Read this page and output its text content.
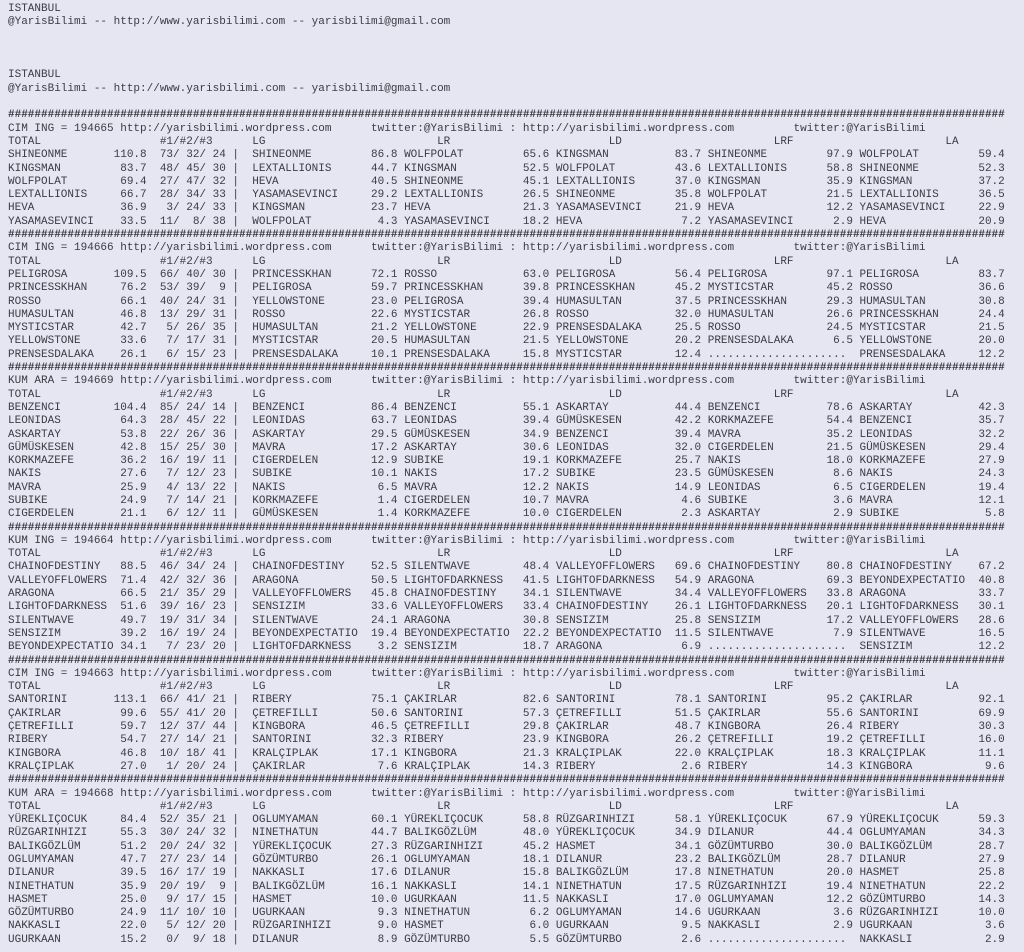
ISTANBUL
@YarisBilimi -- http://www.yarisbilimi.com -- yarisbilimi@gmail.com

ISTANBUL
@YarisBilimi -- http://www.yarisbilimi.com -- yarisbilimi@gmail.com

#######################################################################################################################################################
CIM ING = 194665 http://yarisbilimi.wordpress.com      twitter:@YarisBilimi : http://yarisbilimi.wordpress.com         twitter:@YarisBilimi
TOTAL                  #1/#2/#3      LG                          LR                        LD                       LRF                       LA
SHINEONME       110.8  73/ 32/ 24 |  SHINEONME         86.8 WOLFPOLAT         65.6 KINGSMAN          83.7 SHINEONME         97.9 WOLFPOLAT         59.4
KINGSMAN         83.7  48/ 45/ 30 |  LEXTALLIONIS      44.7 KINGSMAN          52.5 WOLFPOLAT         43.6 LEXTALLIONIS      58.8 SHINEONME         52.3
WOLFPOLAT        69.4  27/ 47/ 32 |  HEVA              40.5 SHINEONME         45.1 LEXTALLIONIS      37.0 KINGSMAN          35.9 KINGSMAN          37.2
LEXTALLIONIS     66.7  28/ 34/ 33 |  YASAMASEVINCI     29.2 LEXTALLIONIS      26.5 SHINEONME         35.8 WOLFPOLAT         21.5 LEXTALLIONIS      36.5
HEVA             36.9   3/ 24/ 33 |  KINGSMAN          23.7 HEVA              21.3 YASAMASEVINCI     21.9 HEVA              12.2 YASAMASEVINCI     22.9
YASAMASEVINCI    33.5  11/  8/ 38 |  WOLFPOLAT          4.3 YASAMASEVINCI     18.2 HEVA               7.2 YASAMASEVINCI      2.9 HEVA              20.9
#######################################################################################################################################################
CIM ING = 194666 http://yarisbilimi.wordpress.com      twitter:@YarisBilimi : http://yarisbilimi.wordpress.com         twitter:@YarisBilimi
TOTAL                  #1/#2/#3      LG                          LR                        LD                       LRF                       LA
PELIGROSA       109.5  66/ 40/ 30 |  PRINCESSKHAN      72.1 ROSSO             63.0 PELIGROSA         56.4 PELIGROSA         97.1 PELIGROSA         83.7
PRINCESSKHAN     76.2  53/ 39/  9 |  PELIGROSA         59.7 PRINCESSKHAN      39.8 PRINCESSKHAN      45.2 MYSTICSTAR        45.2 ROSSO             36.6
ROSSO            66.1  40/ 24/ 31 |  YELLOWSTONE       23.0 PELIGROSA         39.4 HUMASULTAN        37.5 PRINCESSKHAN      29.3 HUMASULTAN        30.8
HUMASULTAN       46.8  13/ 29/ 31 |  ROSSO             22.6 MYSTICSTAR        26.8 ROSSO             32.0 HUMASULTAN        26.6 PRINCESSKHAN      24.4
MYSTICSTAR       42.7   5/ 26/ 35 |  HUMASULTAN        21.2 YELLOWSTONE       22.9 PRENSESDALAKA     25.5 ROSSO             24.5 MYSTICSTAR        21.5
YELLOWSTONE      33.6   7/ 17/ 31 |  MYSTICSTAR        20.5 HUMASULTAN        21.5 YELLOWSTONE       20.2 PRENSESDALAKA      6.5 YELLOWSTONE       20.0
PRENSESDALAKA    26.1   6/ 15/ 23 |  PRENSESDALAKA     10.1 PRENSESDALAKA     15.8 MYSTICSTAR        12.4 .....................  PRENSESDALAKA     12.2
#######################################################################################################################################################
KUM ARA = 194669 http://yarisbilimi.wordpress.com      twitter:@YarisBilimi : http://yarisbilimi.wordpress.com         twitter:@YarisBilimi
TOTAL                  #1/#2/#3      LG                          LR                        LD                       LRF                       LA
BENZENCI        104.4  85/ 24/ 14 |  BENZENCI          86.4 BENZENCI          55.1 ASKARTAY          44.4 BENZENCI          78.6 ASKARTAY          42.3
LEONIDAS         64.3  28/ 45/ 22 |  LEONIDAS          63.7 LEONIDAS          39.4 GÜMÜSKESEN        42.2 KORKMAZEFE        54.4 BENZENCI          35.7
ASKARTAY         53.8  22/ 26/ 36 |  ASKARTAY          29.5 GÜMÜSKESEN        34.9 BENZENCI          39.4 MAVRA             35.2 LEONIDAS          32.2
GÜMÜSKESEN       42.8  15/ 25/ 30 |  MAVRA             17.2 ASKARTAY          30.6 LEONIDAS          32.0 CIGERDELEN        21.5 GÜMÜSKESEN        29.4
KORKMAZEFE       36.2  16/ 19/ 11 |  CIGERDELEN        12.9 SUBIKE            19.1 KORKMAZEFE        25.7 NAKIS             18.0 KORKMAZEFE        27.9
NAKIS            27.6   7/ 12/ 23 |  SUBIKE            10.1 NAKIS             17.2 SUBIKE            23.5 GÜMÜSKESEN         8.6 NAKIS             24.3
MAVRA            25.9   4/ 13/ 22 |  NAKIS              6.5 MAVRA             12.2 NAKIS             14.9 LEONIDAS           6.5 CIGERDELEN        19.4
SUBIKE           24.9   7/ 14/ 21 |  KORKMAZEFE         1.4 CIGERDELEN        10.7 MAVRA              4.6 SUBIKE             3.6 MAVRA             12.1
CIGERDELEN       21.1   6/ 12/ 11 |  GÜMÜSKESEN         1.4 KORKMAZEFE        10.0 CIGERDELEN         2.3 ASKARTAY           2.9 SUBIKE             5.8
#######################################################################################################################################################
KUM ING = 194664 http://yarisbilimi.wordpress.com      twitter:@YarisBilimi : http://yarisbilimi.wordpress.com         twitter:@YarisBilimi
TOTAL                  #1/#2/#3      LG                          LR                        LD                       LRF                       LA
CHAINOFDESTINY   88.5  46/ 34/ 24 |  CHAINOFDESTINY    52.5 SILENTWAVE        48.4 VALLEYOFFLOWERS   69.6 CHAINOFDESTINY    80.8 CHAINOFDESTINY    67.2
VALLEYOFFLOWERS  71.4  42/ 32/ 36 |  ARAGONA           50.5 LIGHTOFDARKNESS   41.5 LIGHTOFDARKNESS   54.9 ARAGONA           69.3 BEYONDEXPECTATIO  40.8
ARAGONA          66.5  21/ 35/ 29 |  VALLEYOFFLOWERS   45.8 CHAINOFDESTINY    34.1 SILENTWAVE        34.4 VALLEYOFFLOWERS   33.8 ARAGONA           33.7
LIGHTOFDARKNESS  51.6  39/ 16/ 23 |  SENSIZIM          33.6 VALLEYOFFLOWERS   33.4 CHAINOFDESTINY    26.1 LIGHTOFDARKNESS   20.1 LIGHTOFDARKNESS   30.1
SILENTWAVE       49.7  19/ 31/ 34 |  SILENTWAVE        24.1 ARAGONA           30.8 SENSIZIM          25.8 SENSIZIM          17.2 VALLEYOFFLOWERS   28.6
SENSIZIM         39.2  16/ 19/ 24 |  BEYONDEXPECTATIO  19.4 BEYONDEXPECTATIO  22.2 BEYONDEXPECTATIO  11.5 SILENTWAVE         7.9 SILENTWAVE        16.5
BEYONDEXPECTATIO 34.1   7/ 23/ 20 |  LIGHTOFDARKNESS    3.2 SENSIZIM          18.7 ARAGONA            6.9 .....................  SENSIZIM          12.2
#######################################################################################################################################################
CIM ING = 194663 http://yarisbilimi.wordpress.com      twitter:@YarisBilimi : http://yarisbilimi.wordpress.com         twitter:@YarisBilimi
TOTAL                  #1/#2/#3      LG                          LR                        LD                       LRF                       LA
SANTORINI       113.1  66/ 41/ 21 |  RIBERY            75.1 ÇAKIRLAR          82.6 SANTORINI         78.1 SANTORINI         95.2 ÇAKIRLAR          92.1
ÇAKIRLAR         99.6  55/ 41/ 20 |  ÇETREFILLI        50.6 SANTORINI         57.3 ÇETREFILLI        51.5 ÇAKIRLAR          55.6 SANTORINI         69.9
ÇETREFILLI       59.7  12/ 37/ 44 |  KINGBORA          46.5 ÇETREFILLI        29.8 ÇAKIRLAR          48.7 KINGBORA          26.4 RIBERY            30.3
RIBERY           54.7  27/ 14/ 21 |  SANTORINI         32.3 RIBERY            23.9 KINGBORA          26.2 ÇETREFILLI        19.2 ÇETREFILLI        16.0
KINGBORA         46.8  10/ 18/ 41 |  KRALÇIPLAK        17.1 KINGBORA          21.3 KRALÇIPLAK        22.0 KRALÇIPLAK        18.3 KRALÇIPLAK        11.1
KRALÇIPLAK       27.0   1/ 20/ 24 |  ÇAKIRLAR           7.6 KRALÇIPLAK        14.3 RIBERY             2.6 RIBERY            14.3 KINGBORA           9.6
#######################################################################################################################################################
KUM ARA = 194668 http://yarisbilimi.wordpress.com      twitter:@YarisBilimi : http://yarisbilimi.wordpress.com         twitter:@YarisBilimi
TOTAL                  #1/#2/#3      LG                          LR                        LD                       LRF                       LA
YÜREKLIÇOCUK     84.4  52/ 35/ 21 |  OGLUMYAMAN        60.1 YÜREKLIÇOCUK      58.8 RÜZGARINHIZI      58.1 YÜREKLIÇOCUK      67.9 YÜREKLIÇOCUK      59.3
RÜZGARINHIZI     55.3  30/ 24/ 32 |  NINETHATUN        44.7 BALIKGÖZLÜM       48.0 YÜREKLIÇOCUK      34.9 DILANUR           44.4 OGLUMYAMAN        34.3
BALIKGÖZLÜM      51.2  20/ 24/ 32 |  YÜREKLIÇOCUK      27.3 RÜZGARINHIZI      45.2 HASMET            34.1 GÖZÜMTURBO        30.0 BALIKGÖZLÜM       28.7
OGLUMYAMAN       47.7  27/ 23/ 14 |  GÖZÜMTURBO        26.1 OGLUMYAMAN        18.1 DILANUR           23.2 BALIKGÖZLÜM       28.7 DILANUR           27.9
DILANUR          39.5  16/ 17/ 19 |  NAKKASLI          17.6 DILANUR           15.8 BALIKGÖZLÜM       17.8 NINETHATUN        20.0 HASMET            25.8
NINETHATUN       35.9  20/ 19/  9 |  BALIKGÖZLÜM       16.1 NAKKASLI          14.1 NINETHATUN        17.5 RÜZGARINHIZI      19.4 NINETHATUN        22.2
HASMET           25.0   9/ 17/ 15 |  HASMET            10.0 UGURKAAN          11.5 NAKKASLI          17.0 OGLUMYAMAN        12.2 GÖZÜMTURBO        14.3
GÖZÜMTURBO       24.9  11/ 10/ 10 |  UGURKAAN           9.3 NINETHATUN         6.2 OGLUMYAMAN        14.6 UGURKAAN           3.6 RÜZGARINHIZI      10.0
NAKKASLI         22.0   5/ 12/ 20 |  RÜZGARINHIZI       9.0 HASMET             6.0 UGURKAAN           9.5 NAKKASLI           2.9 UGURKAAN           3.6
UGURKAAN         15.2   0/  9/ 18 |  DILANUR            8.9 GÖZÜMTURBO         5.5 GÖZÜMTURBO         2.6 .....................  NAKKASLI           2.9
